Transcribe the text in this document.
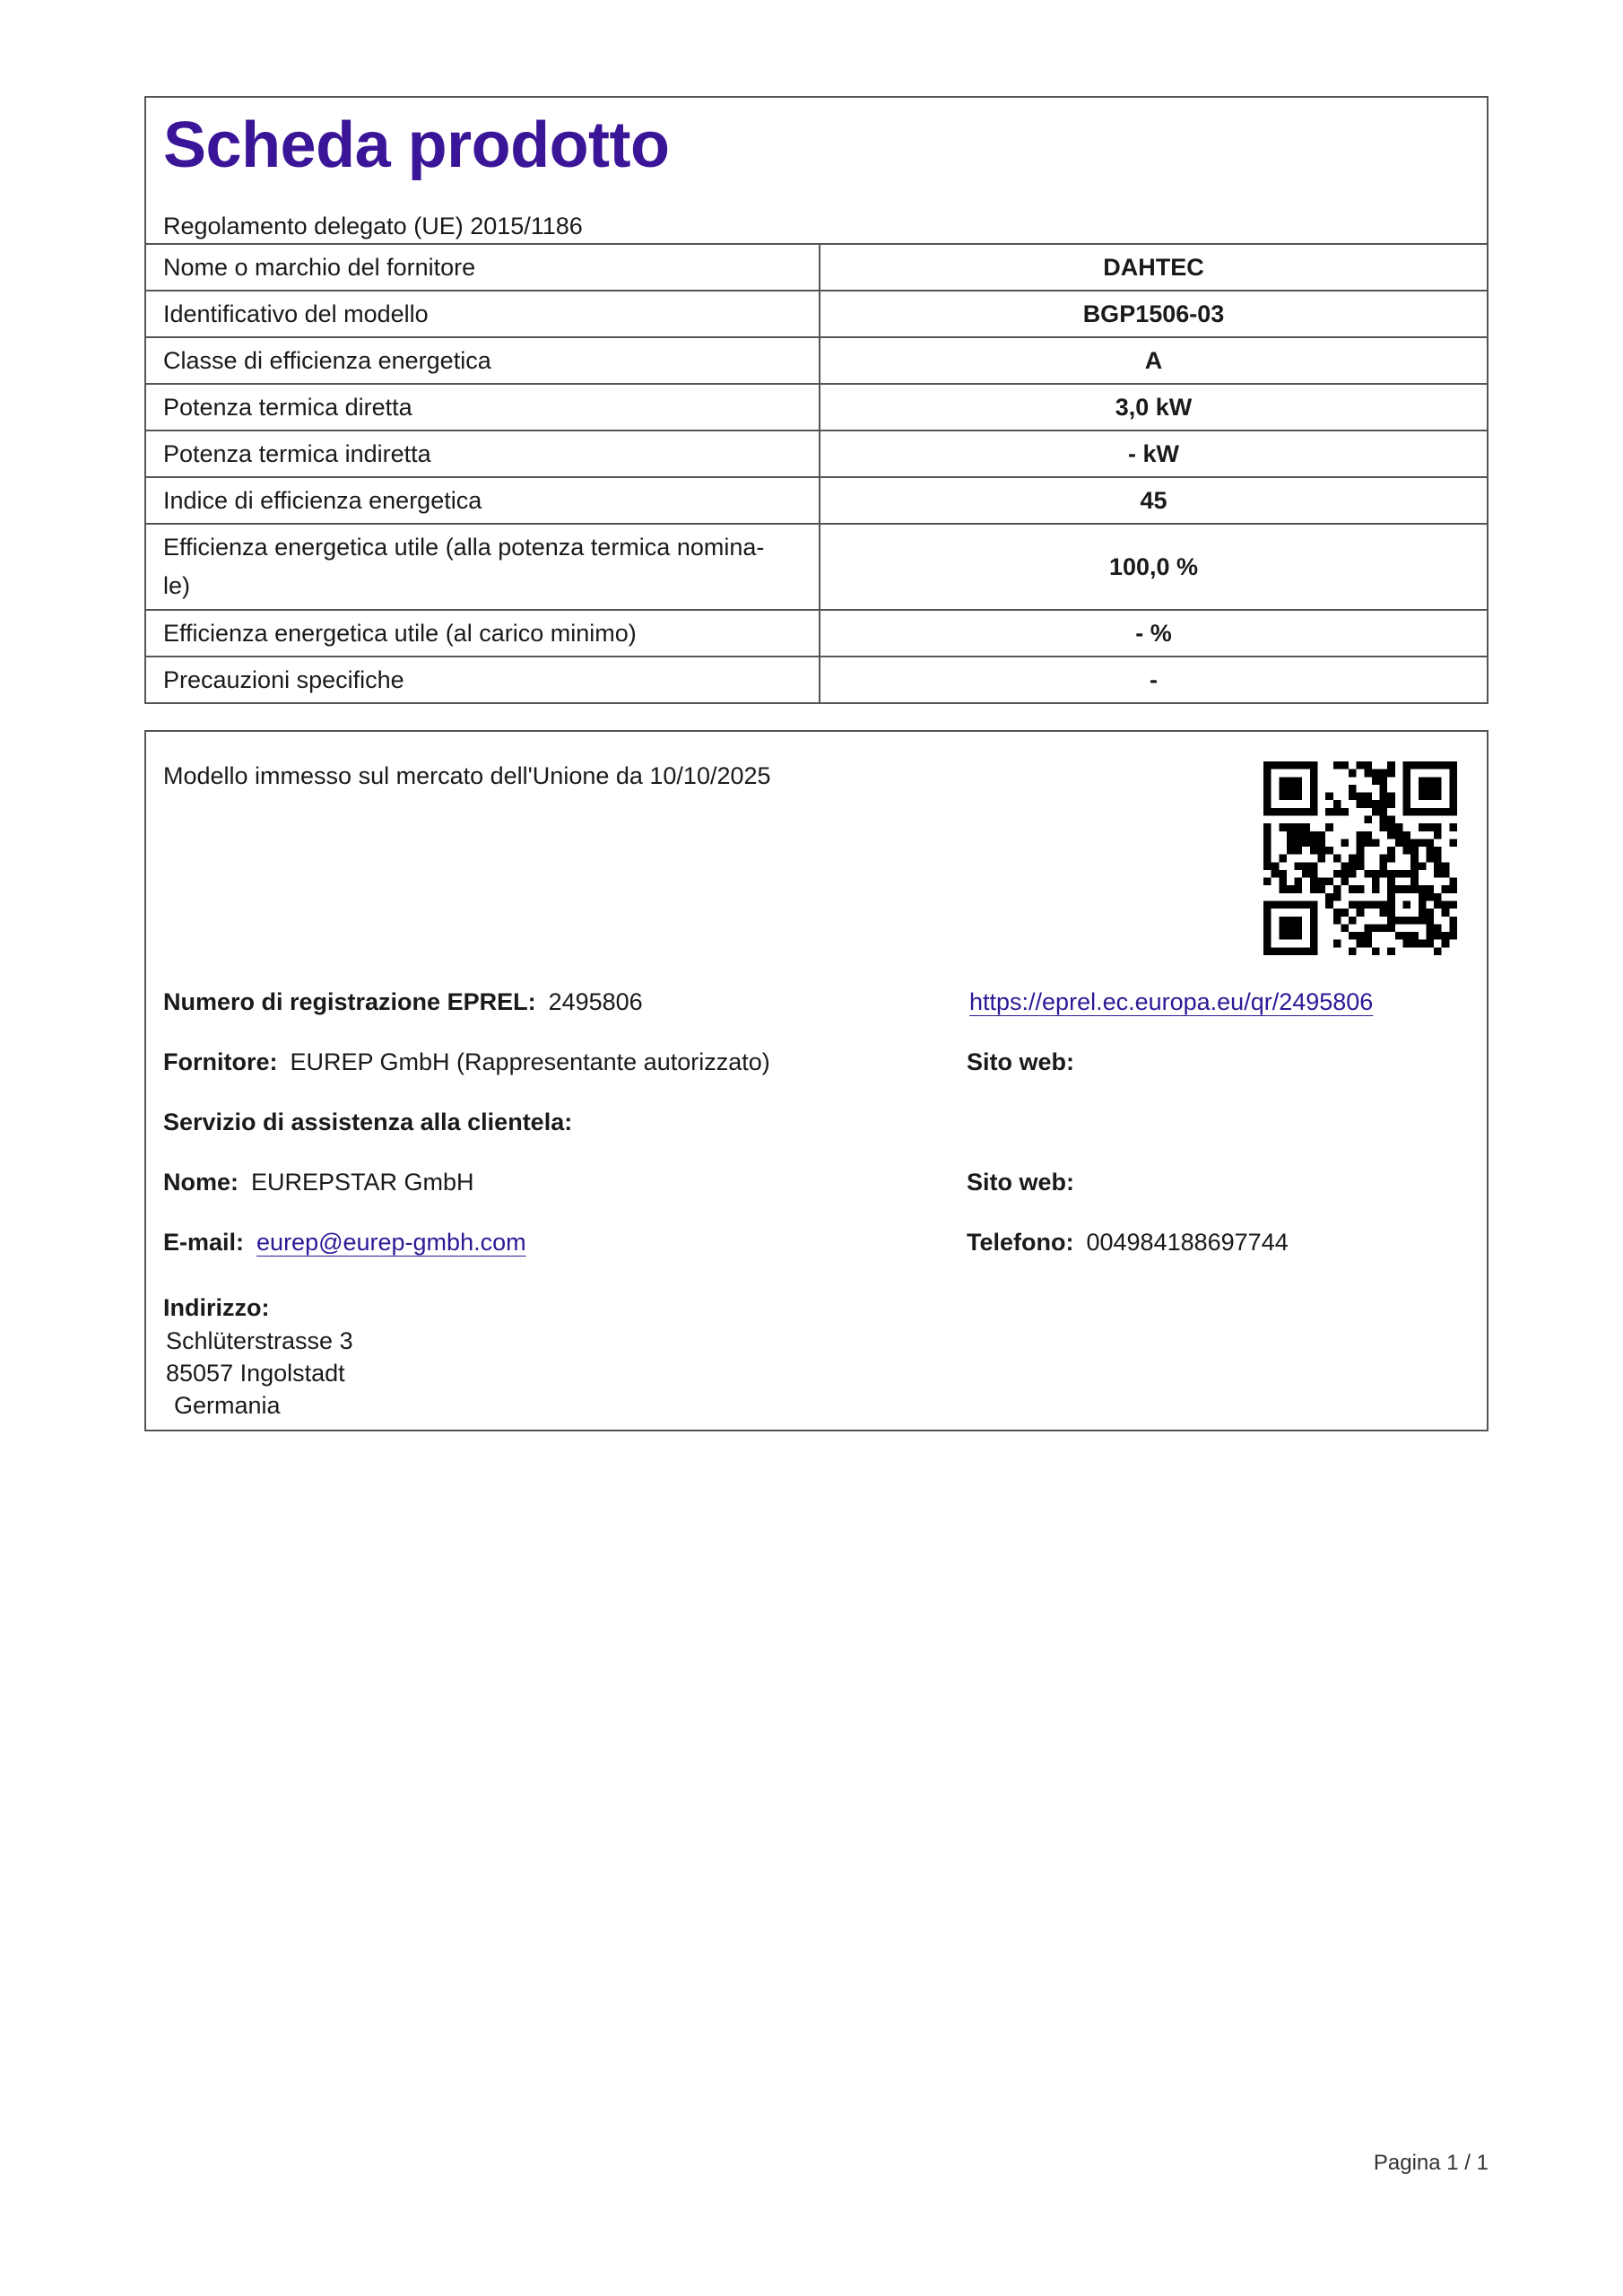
Scheda prodotto
Regolamento delegato (UE) 2015/1186
Nome o marchio del fornitore	DAHTEC
Identificativo del modello	BGP1506-03
Classe di efficienza energetica	A
Potenza termica diretta	3,0 kW
Potenza termica indiretta	- kW
Indice di efficienza energetica	45

Efficienza energetica utile (alla potenza termica nomina-
le)	100,0 %
Efficienza energetica utile (al carico minimo)	- %
Precauzioni specifiche	-
Modello immesso sul mercato dell'Unione da 10/10/2025
Numero di registrazione EPREL: 2495806	https://eprel.ec.europa.eu/qr/2495806
Fornitore: EUREP GmbH (Rappresentante autorizzato)	Sito web:
Servizio di assistenza alla clientela:
Nome: EUREPSTAR GmbH	Sito web:
E-mail: eurep@eurep-gmbh.com	Telefono: 004984188697744
Indirizzo:
Schlüterstrasse 3
85057 Ingolstadt
Germania
Pagina 1 / 1
